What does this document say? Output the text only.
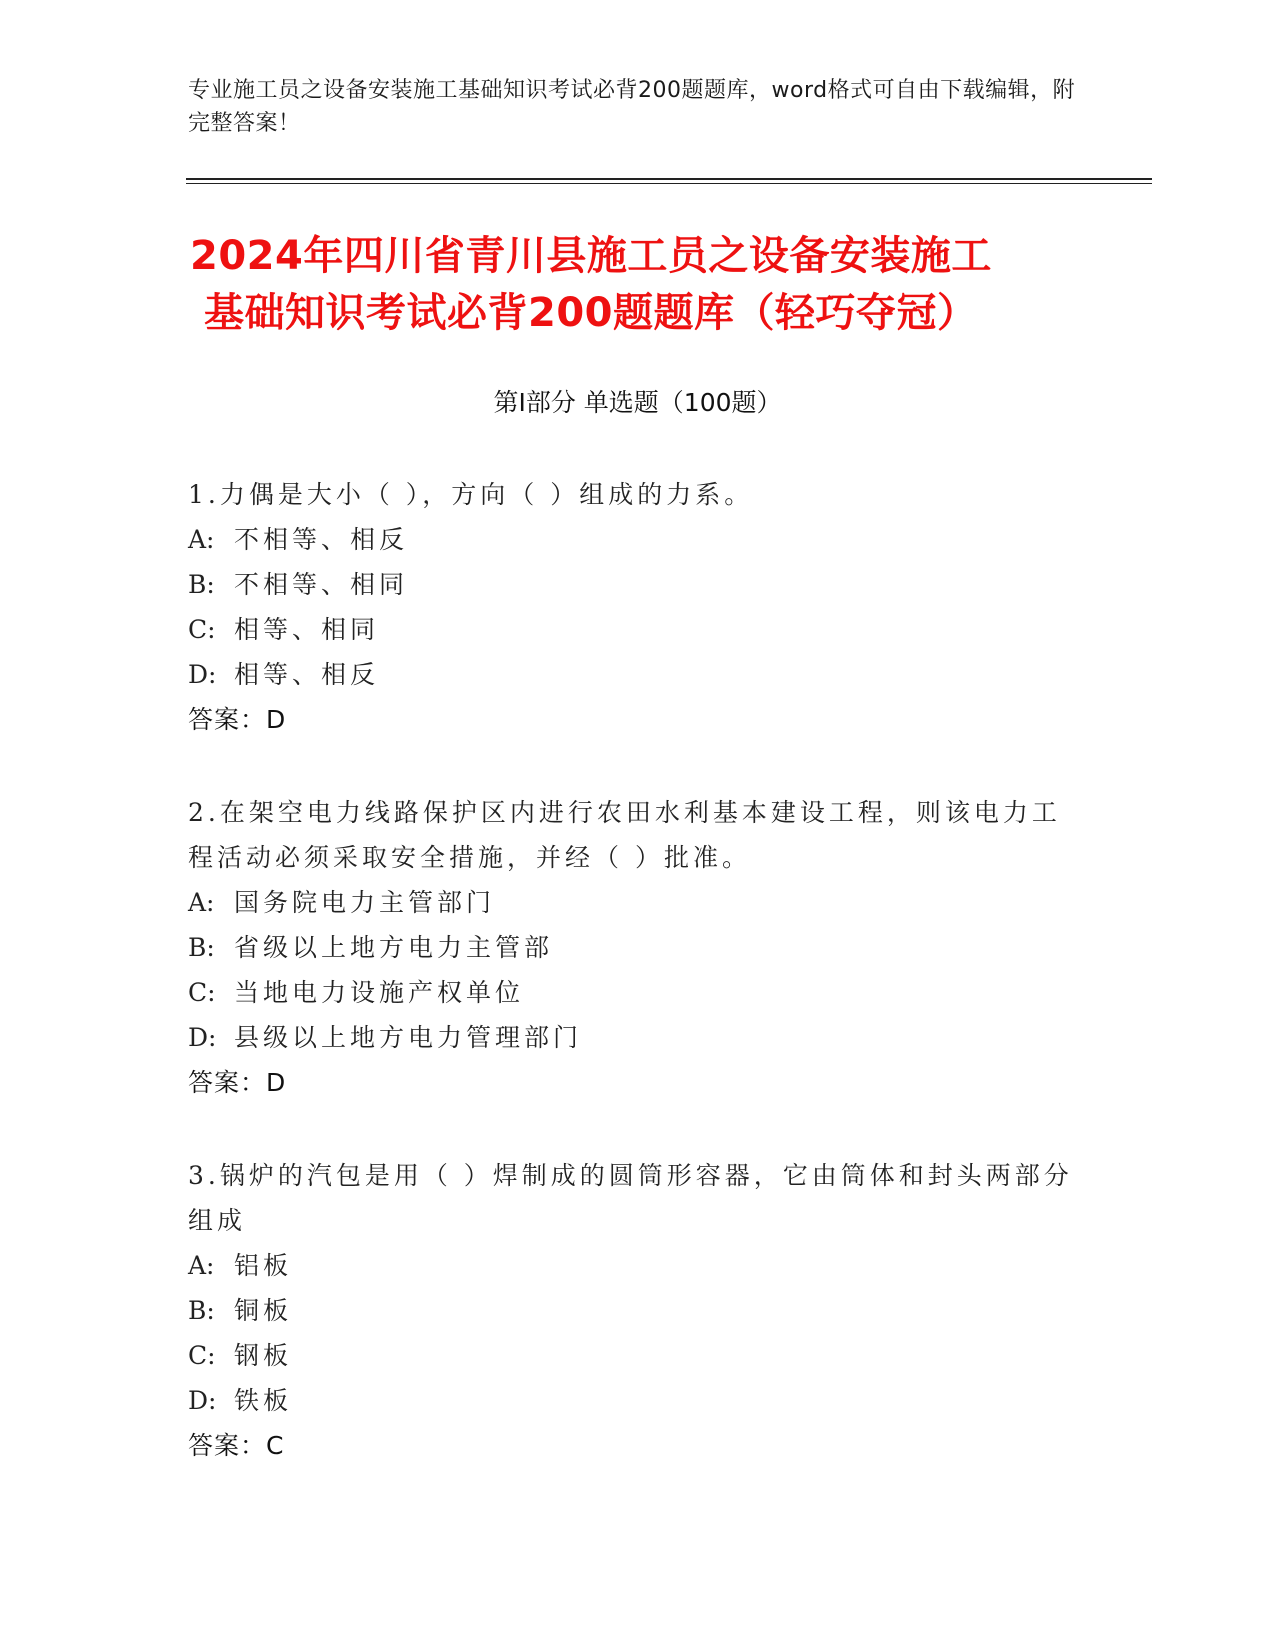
专业施工员之设备安装施工基础知识考试必背200题题库，word格式可自由下载编辑，附完整答案！
2024年四川省青川县施工员之设备安装施工
基础知识考试必背200题题库（轻巧夺冠）
第I部分 单选题（100题）
1.力偶是大小（ ），方向（ ）组成的力系。
A: 不相等、相反
B: 不相等、相同
C: 相等、相同
D: 相等、相反
答案：D
2.在架空电力线路保护区内进行农田水利基本建设工程，则该电力工程活动必须采取安全措施，并经（ ）批准。
A: 国务院电力主管部门
B: 省级以上地方电力主管部
C: 当地电力设施产权单位
D: 县级以上地方电力管理部门
答案：D
3.锅炉的汽包是用（ ）焊制成的圆筒形容器，它由筒体和封头两部分组成
A: 铝板
B: 铜板
C: 钢板
D: 铁板
答案：C
